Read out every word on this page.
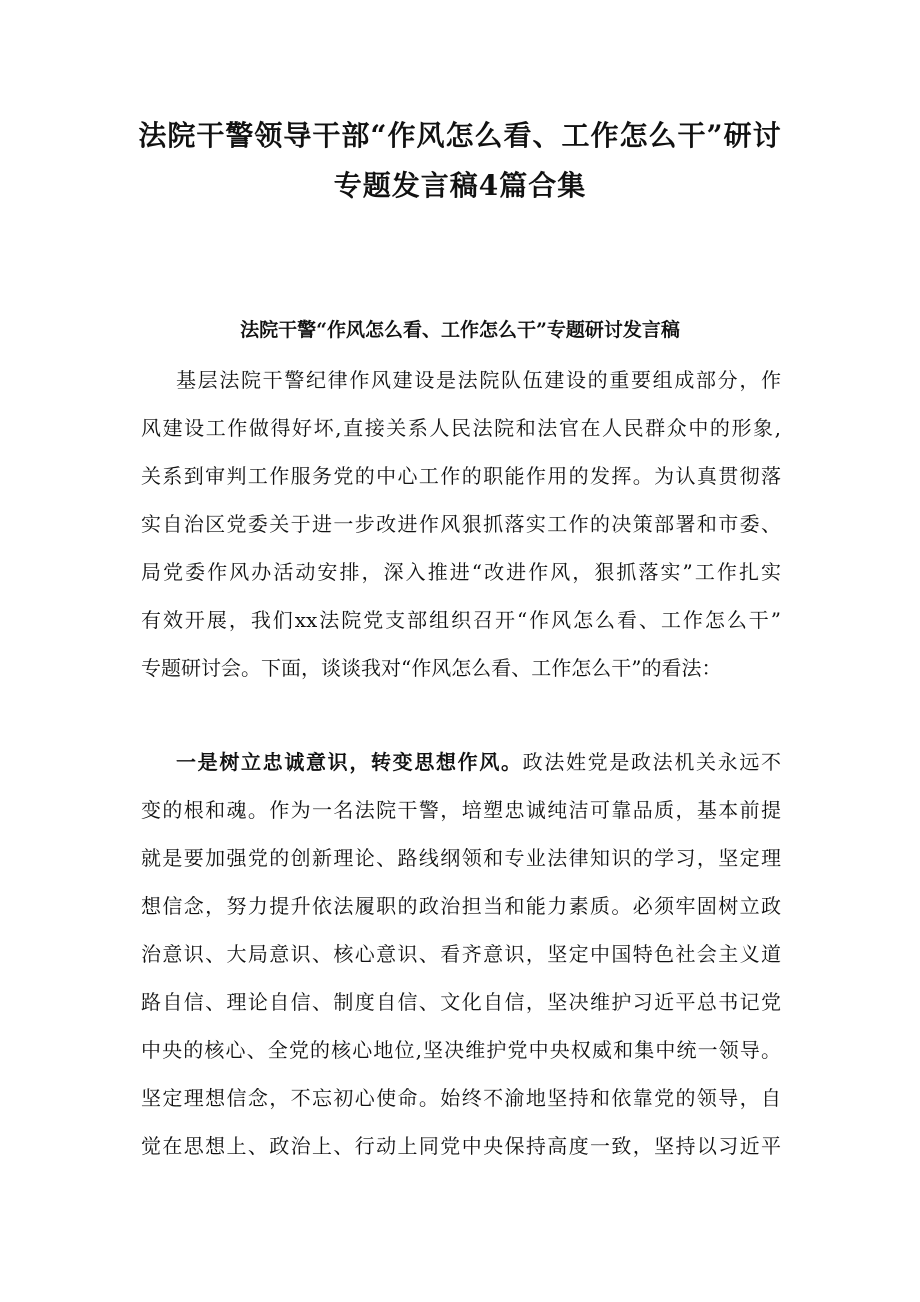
法院干警领导干部“作风怎么看、工作怎么干”研讨
专题发言稿4篇合集
法院干警“作风怎么看、工作怎么干”专题研讨发言稿
基层法院干警纪律作风建设是法院队伍建设的重要组成部分，作
风建设工作做得好坏,直接关系人民法院和法官在人民群众中的形象,
关系到审判工作服务党的中心工作的职能作用的发挥。为认真贯彻落
实自治区党委关于进一步改进作风狠抓落实工作的决策部署和市委、
局党委作风办活动安排，深入推进“改进作风，狠抓落实”工作扎实
有效开展，我们xx法院党支部组织召开“作风怎么看、工作怎么干”
专题研讨会。下面，谈谈我对“作风怎么看、工作怎么干”的看法：
一是树立忠诚意识，转变思想作风。政法姓党是政法机关永远不
变的根和魂。作为一名法院干警，培塑忠诚纯洁可靠品质，基本前提
就是要加强党的创新理论、路线纲领和专业法律知识的学习，坚定理
想信念，努力提升依法履职的政治担当和能力素质。必须牢固树立政
治意识、大局意识、核心意识、看齐意识，坚定中国特色社会主义道
路自信、理论自信、制度自信、文化自信，坚决维护习近平总书记党
中央的核心、全党的核心地位,坚决维护党中央权威和集中统一领导。
坚定理想信念，不忘初心使命。始终不渝地坚持和依靠党的领导，自
觉在思想上、政治上、行动上同党中央保持高度一致，坚持以习近平
